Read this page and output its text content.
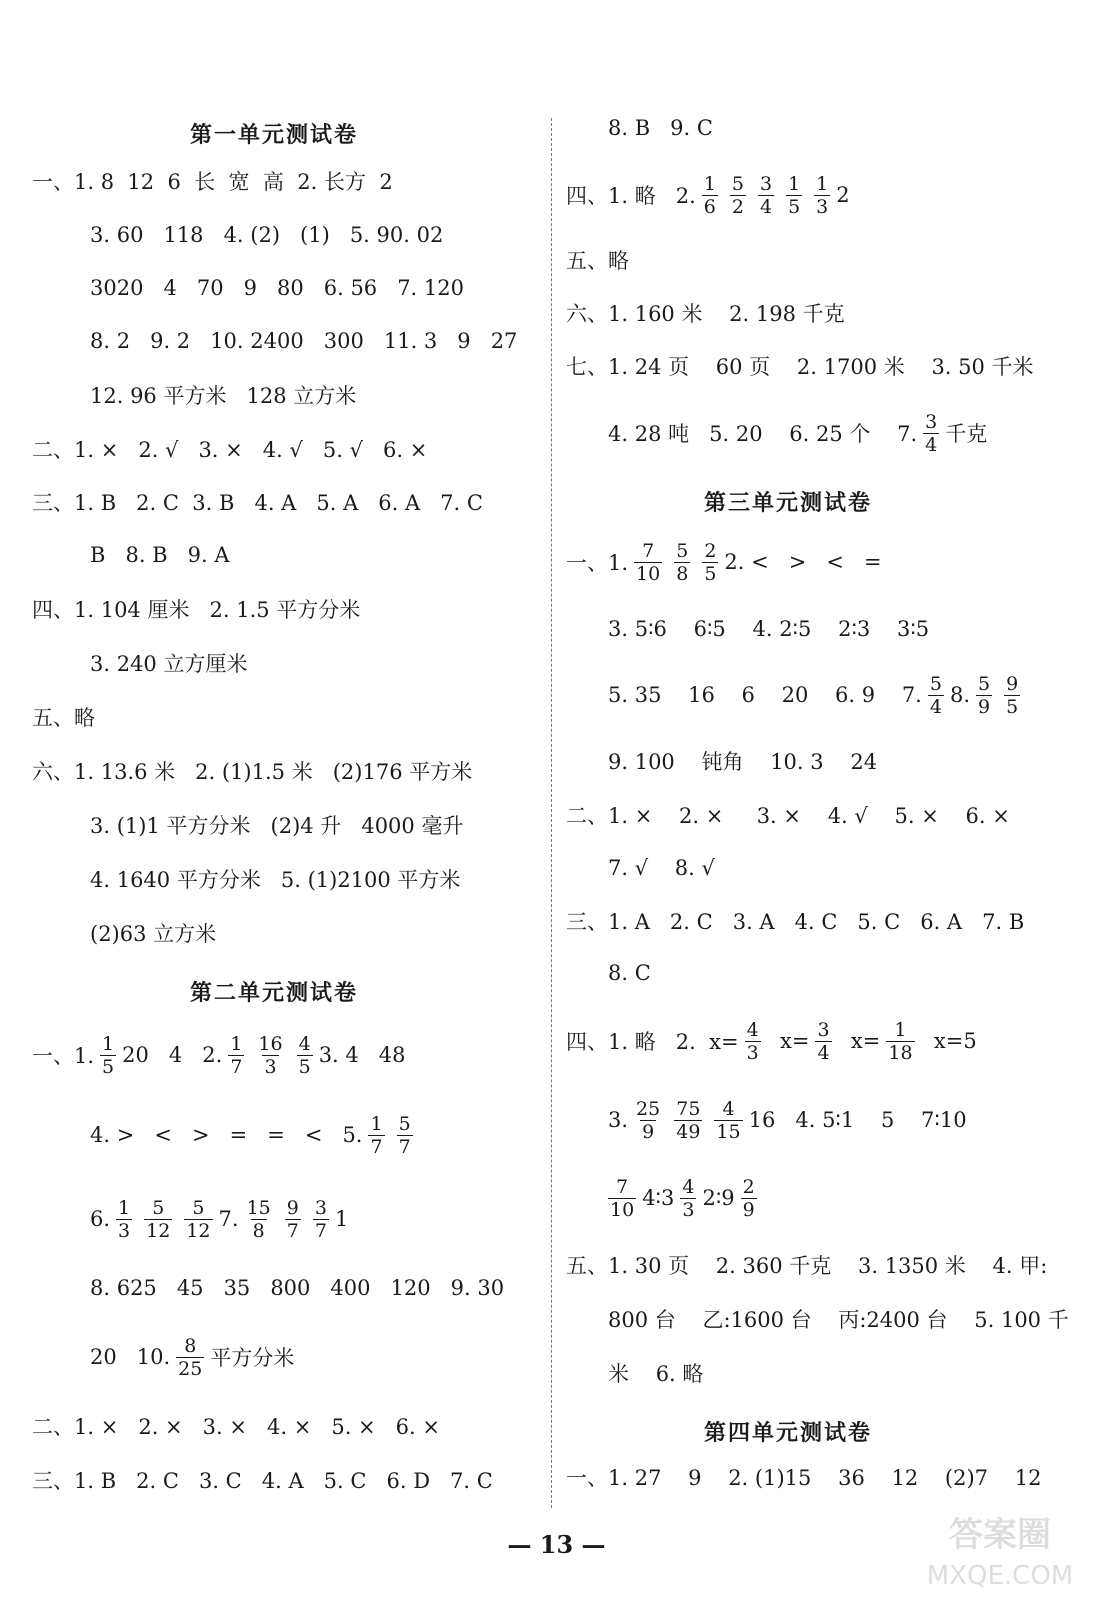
第一单元测试卷
一、1. 8  12  6  长  宽  高  2. 长方  2
3. 60   118   4. (2)   (1)   5. 90. 02
3020   4   70   9   80   6. 56   7. 120
8. 2   9. 2   10. 2400   300   11. 3   9   27
12. 96 平方米   128 立方米
二、1. ×   2. √   3. ×   4. √   5. √   6. ×
三、1. B   2. C  3. B   4. A   5. A   6. A   7. C
B   8. B   9. A
四、1. 104 厘米   2. 1.5 平方分米
3. 240 立方厘米
五、略
六、1. 13.6 米   2. (1)1.5 米   (2)176 平方米
3. (1)1 平方分米   (2)4 升   4000 毫升
4. 1640 平方分米   5. (1)2100 平方米
(2)63 立方米
第二单元测试卷
一、1.
1
5 20   4   2. 1
7
16
3
4
5 3. 4   48
4. >   <   >   =   =   <   5. 1
7
5
7
6. 1
3
5
12
5
12 7. 15
8
9
7
3
7 1
8. 625   45   35   800   400   120   9. 30
20   10. 8
25 平方分米
二、1. ×   2. ×   3. ×   4. ×   5. ×   6. ×
三、1. B   2. C   3. C   4. A   5. C   6. D   7. C
8. B   9. C
四、1. 略   2.
1
6
5
2
3
4
1
5
1
3 2
五、略
六、1. 160 米    2. 198 千克
七、1. 24 页    60 页    2. 1700 米    3. 50 千米
4. 28 吨   5. 20    6. 25 个    7.
3
4 千克
第三单元测试卷
一、1.
7
10
5
8
2
5 2. <   >   <   =
3. 5∶6    6∶5    4. 2∶5    2∶3    3∶5
5. 35    16    6    20    6. 9    7. 5
4 8. 5
9
9
5
9. 100    钝角    10. 3    24
二、1. ×    2. ×     3. ×    4. √    5. ×    6. ×
7. √    8. √
三、1. A   2. C   3. A   4. C   5. C   6. A   7. B
8. C
四、1. 略   2.  $x= \frac{4}{3} x= \frac{3}{4} x= \frac{1}{18} x=5$
3. 25
9
75
49
4
15 16   4. 5∶1    5    7∶10
7
10 4∶3 4
3 2∶9 2
9
五、1. 30 页    2. 360 千克    3. 1350 米    4. 甲:
800 台    乙:1600 台    丙:2400 台    5. 100 千
米    6. 略
第四单元测试卷
一、1. 27    9    2. (1)15    36    12    (2)7    12
— 13 —	答案圈
MXQE.COM
